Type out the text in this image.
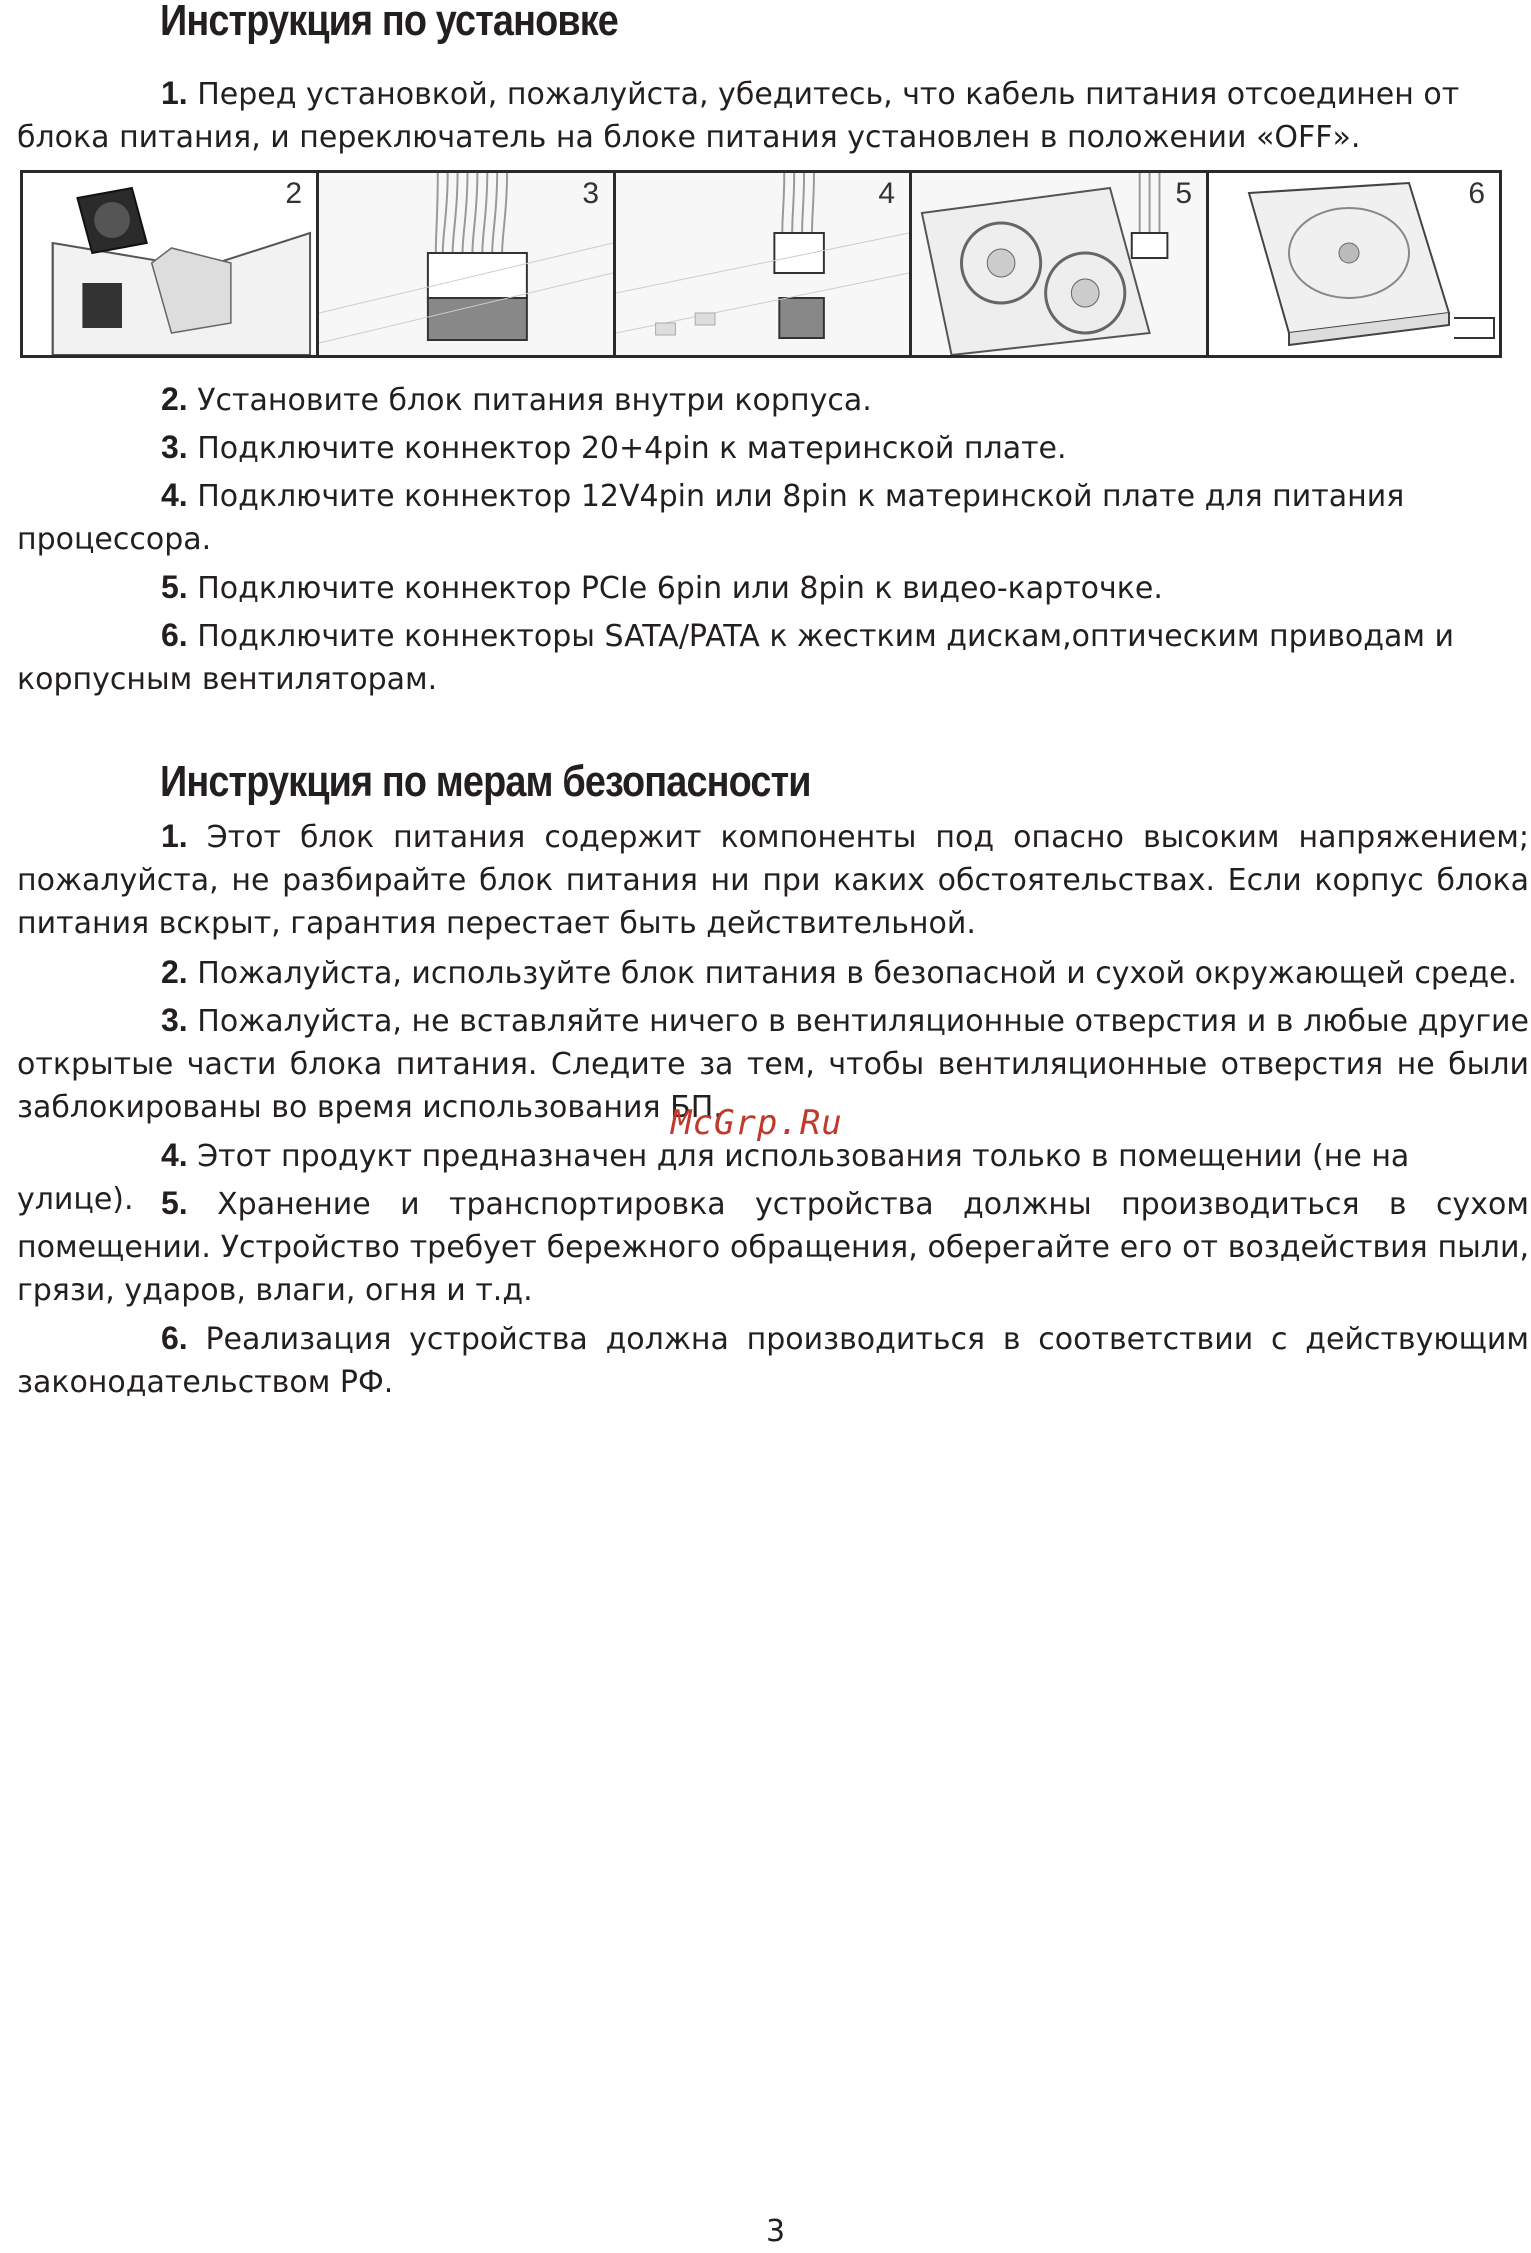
Инструкция по установке

1. Перед установкой, пожалуйста, убедитесь, что кабель питания отсоединен от блока питания, и переключатель на блоке питания установлен в положении «OFF».

2	3	4	5	6

2. Установите блок питания внутри корпуса.

3. Подключите коннектор 20+4pin к материнской плате.

4. Подключите коннектор 12V4pin или 8pin к материнской плате для питания процессора.

5. Подключите коннектор PCIe 6pin или 8pin к видео-карточке.

6. Подключите коннекторы SATA/PATA к жестким дискам,оптическим приводам и корпусным вентиляторам.

Инструкция по мерам безопасности

1. Этот блок питания содержит компоненты под опасно высоким напряжением; пожалуйста, не разбирайте блок питания ни при каких обстоятельствах. Если корпус блока питания вскрыт, гарантия перестает быть действительной.

2. Пожалуйста, используйте блок питания в безопасной и сухой окружающей среде.

3. Пожалуйста, не вставляйте ничего в вентиляционные отверстия и в любые другие открытые части блока питания. Следите за тем, чтобы вентиляционные отверстия не были заблокированы во время использования БП.

4. Этот продукт предназначен для использования только в помещении (не на улице). 5. Хранение и транспортировка устройства должны производиться в сухом помещении. Устройство требует бережного обращения, оберегайте его от воздействия пыли, грязи, ударов, влаги, огня и т.д.

6. Реализация устройства должна производиться в соответствии с действующим законодательством РФ.

McGrp.Ru
3
